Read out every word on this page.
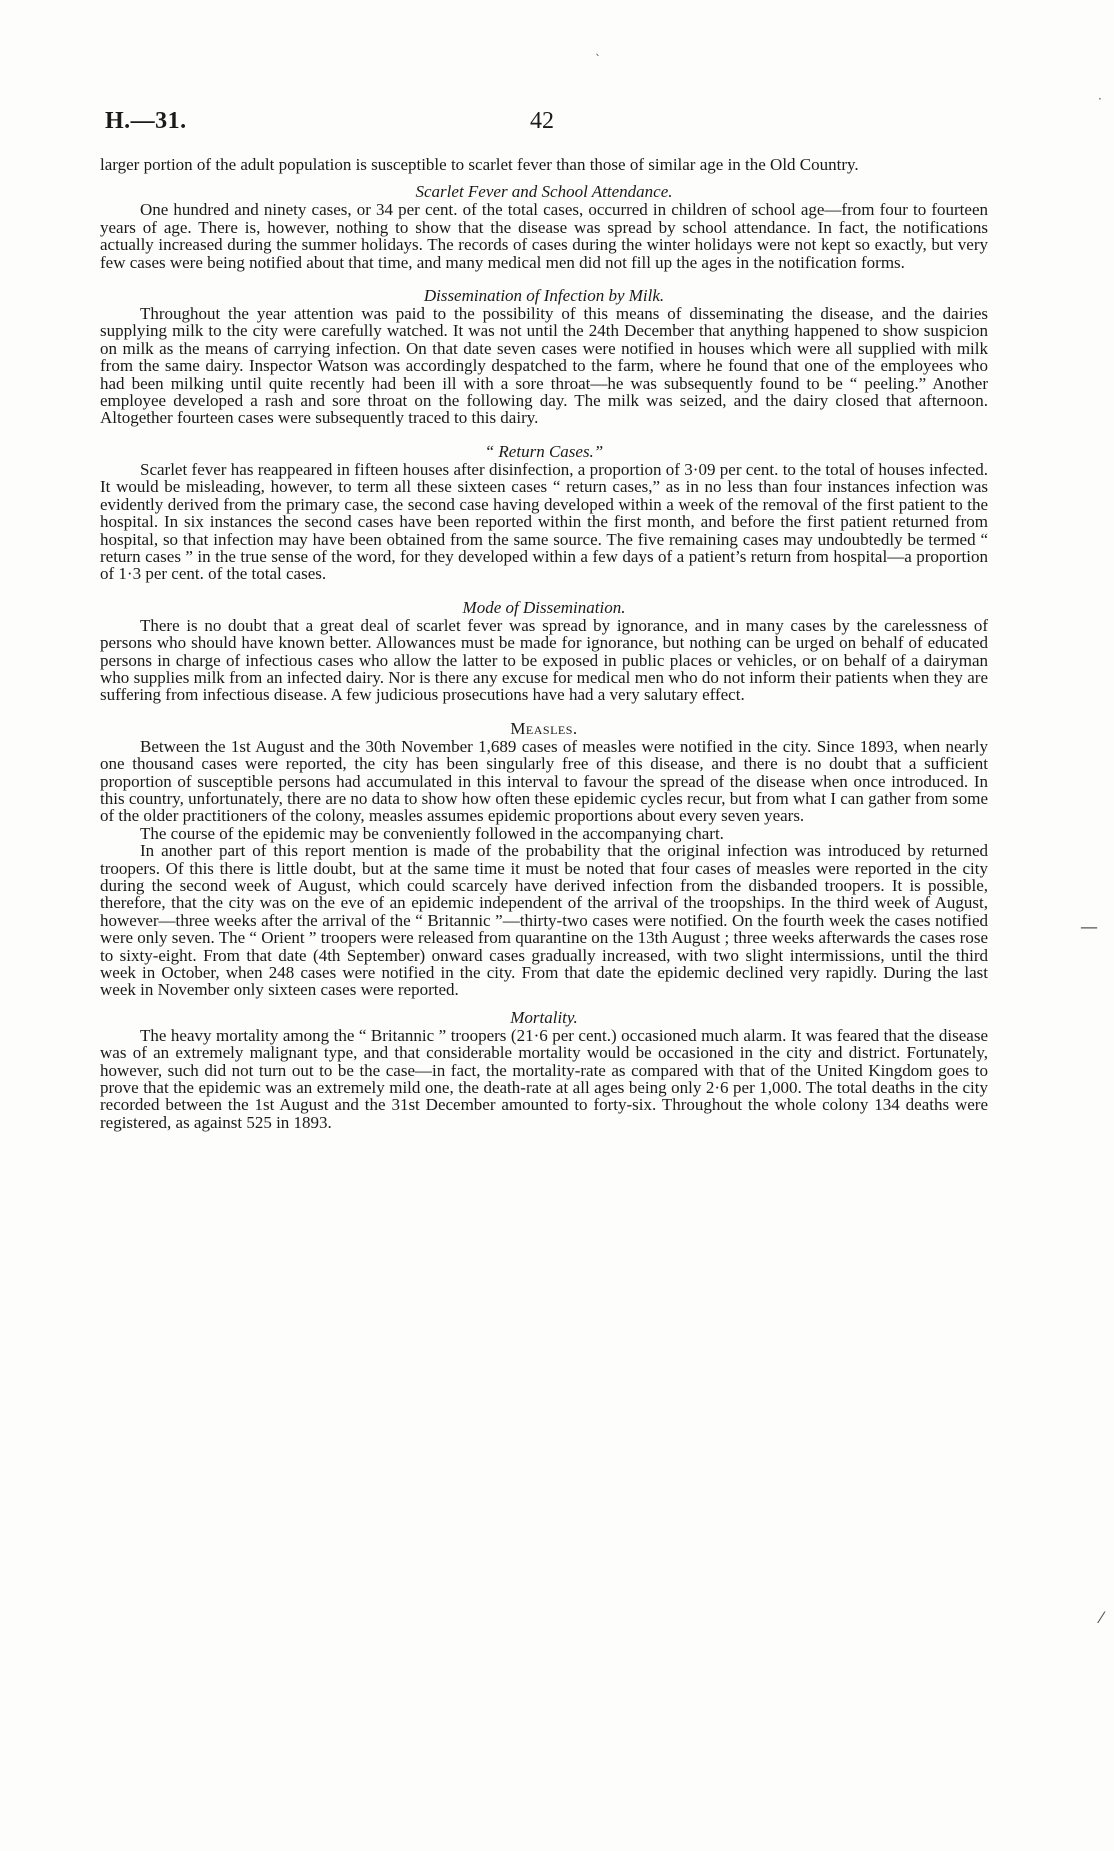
ˎ
·
—
⁄
H.—31.	42

larger portion of the adult population is susceptible to scarlet fever than those of similar age in the Old Country.

Scarlet Fever and School Attendance.

One hundred and ninety cases, or 34 per cent. of the total cases, occurred in children of school age—from four to fourteen years of age. There is, however, nothing to show that the disease was spread by school attendance. In fact, the notifications actually increased during the summer holidays. The records of cases during the winter holidays were not kept so exactly, but very few cases were being notified about that time, and many medical men did not fill up the ages in the notification forms.

Dissemination of Infection by Milk.

Throughout the year attention was paid to the possibility of this means of disseminating the disease, and the dairies supplying milk to the city were carefully watched. It was not until the 24th December that anything happened to show suspicion on milk as the means of carrying infection. On that date seven cases were notified in houses which were all supplied with milk from the same dairy. Inspector Watson was accordingly despatched to the farm, where he found that one of the employees who had been milking until quite recently had been ill with a sore throat—he was subsequently found to be “ peeling.” Another employee developed a rash and sore throat on the following day. The milk was seized, and the dairy closed that afternoon. Altogether fourteen cases were subsequently traced to this dairy.

“ Return Cases.”

Scarlet fever has reappeared in fifteen houses after disinfection, a proportion of 3·09 per cent. to the total of houses infected. It would be misleading, however, to term all these sixteen cases “ return cases,” as in no less than four instances infection was evidently derived from the primary case, the second case having developed within a week of the removal of the first patient to the hospital. In six instances the second cases have been reported within the first month, and before the first patient returned from hospital, so that infection may have been obtained from the same source. The five remaining cases may undoubtedly be termed “ return cases ” in the true sense of the word, for they developed within a few days of a patient’s return from hospital—a proportion of 1·3 per cent. of the total cases.

Mode of Dissemination.

There is no doubt that a great deal of scarlet fever was spread by ignorance, and in many cases by the carelessness of persons who should have known better. Allowances must be made for ignorance, but nothing can be urged on behalf of educated persons in charge of infectious cases who allow the latter to be exposed in public places or vehicles, or on behalf of a dairyman who supplies milk from an infected dairy. Nor is there any excuse for medical men who do not inform their patients when they are suffering from infectious disease. A few judicious prosecutions have had a very salutary effect.

Measles.

Between the 1st August and the 30th November 1,689 cases of measles were notified in the city. Since 1893, when nearly one thousand cases were reported, the city has been singularly free of this disease, and there is no doubt that a sufficient proportion of susceptible persons had accumulated in this interval to favour the spread of the disease when once introduced. In this country, unfortunately, there are no data to show how often these epidemic cycles recur, but from what I can gather from some of the older practitioners of the colony, measles assumes epidemic proportions about every seven years.

The course of the epidemic may be conveniently followed in the accompanying chart.

In another part of this report mention is made of the probability that the original infection was introduced by returned troopers. Of this there is little doubt, but at the same time it must be noted that four cases of measles were reported in the city during the second week of August, which could scarcely have derived infection from the disbanded troopers. It is possible, therefore, that the city was on the eve of an epidemic independent of the arrival of the troopships. In the third week of August, however—three weeks after the arrival of the “ Britannic ”—thirty-two cases were notified. On the fourth week the cases notified were only seven. The “ Orient ” troopers were released from quarantine on the 13th August ; three weeks afterwards the cases rose to sixty-eight. From that date (4th September) onward cases gradually increased, with two slight intermissions, until the third week in October, when 248 cases were notified in the city. From that date the epidemic declined very rapidly. During the last week in November only sixteen cases were reported.

Mortality.

The heavy mortality among the “ Britannic ” troopers (21·6 per cent.) occasioned much alarm. It was feared that the disease was of an extremely malignant type, and that considerable mortality would be occasioned in the city and district. Fortunately, however, such did not turn out to be the case—in fact, the mortality-rate as compared with that of the United Kingdom goes to prove that the epidemic was an extremely mild one, the death-rate at all ages being only 2·6 per 1,000. The total deaths in the city recorded between the 1st August and the 31st December amounted to forty-six. Throughout the whole colony 134 deaths were registered, as against 525 in 1893.
